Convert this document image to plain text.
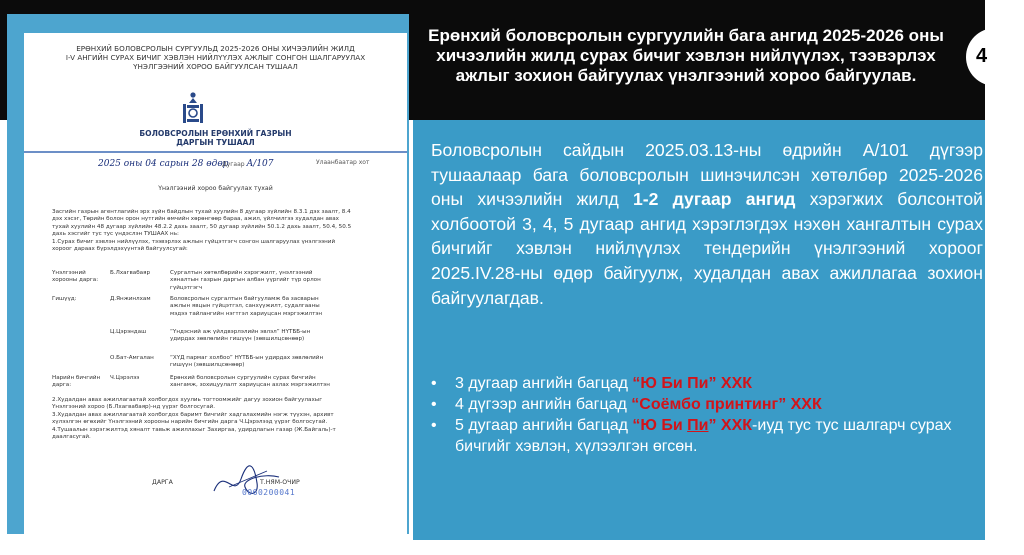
Ерөнхий боловсролын сургуулийн бага ангид 2025-2026 оны хичээлийн жилд сурах бичиг хэвлэн нийлүүлэх, тээвэрлэх ажлыг зохион байгуулах үнэлгээний хороо байгуулав.
4
Боловсролын сайдын 2025.03.13-ны өдрийн А/101 дүгээр тушаалаар бага боловсролын шинэчилсэн хөтөлбөр 2025-2026 оны хичээлийн жилд 1-2 дугаар ангид хэрэгжих болсонтой холбоотой 3, 4, 5 дугаар ангид хэрэглэгдэх нэхөн хангалтын сурах бичгийг хэвлэн нийлүүлэх тендерийн үнэлгээний хороог 2025.IV.28-ны өдөр байгуулж, худалдан авах ажиллагаа зохион байгуулагдав.
• 3 дугаар ангийн багцад “Ю Би Пи” ХХК
• 4 дүгээр ангийн багцад “Соёмбо принтинг” ХХК
• 5 дугаар ангийн багцад “Ю Би Пи” ХХК-иуд тус тус шалгарч сурах бичгийг хэвлэн, хүлээлгэн өгсөн.
ЕРӨНХИЙ БОЛОВСРОЛЫН СУРГУУЛЬД 2025-2026 ОНЫ ХИЧЭЭЛИЙН ЖИЛД
I-V АНГИЙН СУРАХ БИЧИГ ХЭВЛЭН НИЙЛҮҮЛЭХ АЖЛЫГ СОНГОН ШАЛГАРУУЛАХ
ҮНЭЛГЭЭНИЙ ХОРОО БАЙГУУЛСАН ТУШААЛ
БОЛОВСРОЛЫН ЕРӨНХИЙ ГАЗРЫН
ДАРГЫН ТУШААЛ
2025 оны 04 сарын 28 өдөр
Дугаар А/107	Улаанбаатар хот
Үнэлгээний хороо байгуулах тухай
Засгийн газрын агентлагийн эрх зүйн байдлын тухай хуулийн 8 дугаар зүйлийн 8.3.1 дэх заалт, 8.4 дэх хэсэг, Төрийн болон орон нутгийн өмчийн хөрөнгөөр бараа, ажил, үйлчилгээ худалдан авах тухай хуулийн 48 дугаар зүйлийн 48.2.2 дахь заалт, 50 дугаар зүйлийн 50.1.2 дахь заалт, 50.4, 50.5 дахь хэсгийг тус тус үндэслэн ТУШААХ нь:
1.Сурах бичиг хэвлэн нийлүүлэх, тээвэрлэх ажлын гүйцэтгэгч сонгон шалгаруулах үнэлгээний хороог дараах бүрэлдэхүүнтэй байгуулсугай:
Үнэлгээний хорооны дарга:
Б.Лхагвабаяр	Сургалтын хөтөлбөрийн хэрэгжилт, үнэлгээний хяналтын газрын даргын албан үүргийг түр орлон гүйцэтгэгч
Гишүүд:	Д.Янжинлхам	Боловсролын сургалтын байгууламж ба засварын ажлын явцын гүйцэтгэл, санхүүжилт, судалгааны мэдээ тайлангийн нэгтгэл хариуцсан мэргэжилтэн
Ц.Цэрэндаш	“Үндэсний аж үйлдвэрлэлийн эвлэл” НҮТББ-ын удирдах зөвлөлийн гишүүн (зөвшилцсөнөөр)
О.Бат-Амгалан	“ХҮД пармаг холбоо” НҮТББ-ын удирдах зөвлөлийн гишүүн (зөвшилцсөнөөр)
Нарийн бичгийн дарга:
Ч.Цэрэлээ	Ерөнхий боловсролын сургуулийн сурах бичгийн хангамж, зохицуулалт хариуцсан ахлах мэргэжилтэн
2.Худалдан авах ажиллагаатай холбогдох хуулиь тогтоомжийг дагуу зохион байгуулахыг Үнэлгээний хороо (Б.Лхагвабаяр)-нд үүрэг болгосугай.
3.Худалдан авах ажиллагаатай холбогдох баримт бичгийг хадгалахмийн нэгж түүхэн, архивт хүлээлгэн өгөхийг Үнэлгээний хорооны нарийн бичгийн дарга Ч.Цэрэлээд үүрэг болгосугай.
4.Тушаалын хэрэгжилтэд хяналт тавьж ажиллахыг Захиргаа, удирдлагын газар (Ж.Байгаль)-т даалгасугай.
ДАРГА	Т.НЯМ-ОЧИР
0060200041
